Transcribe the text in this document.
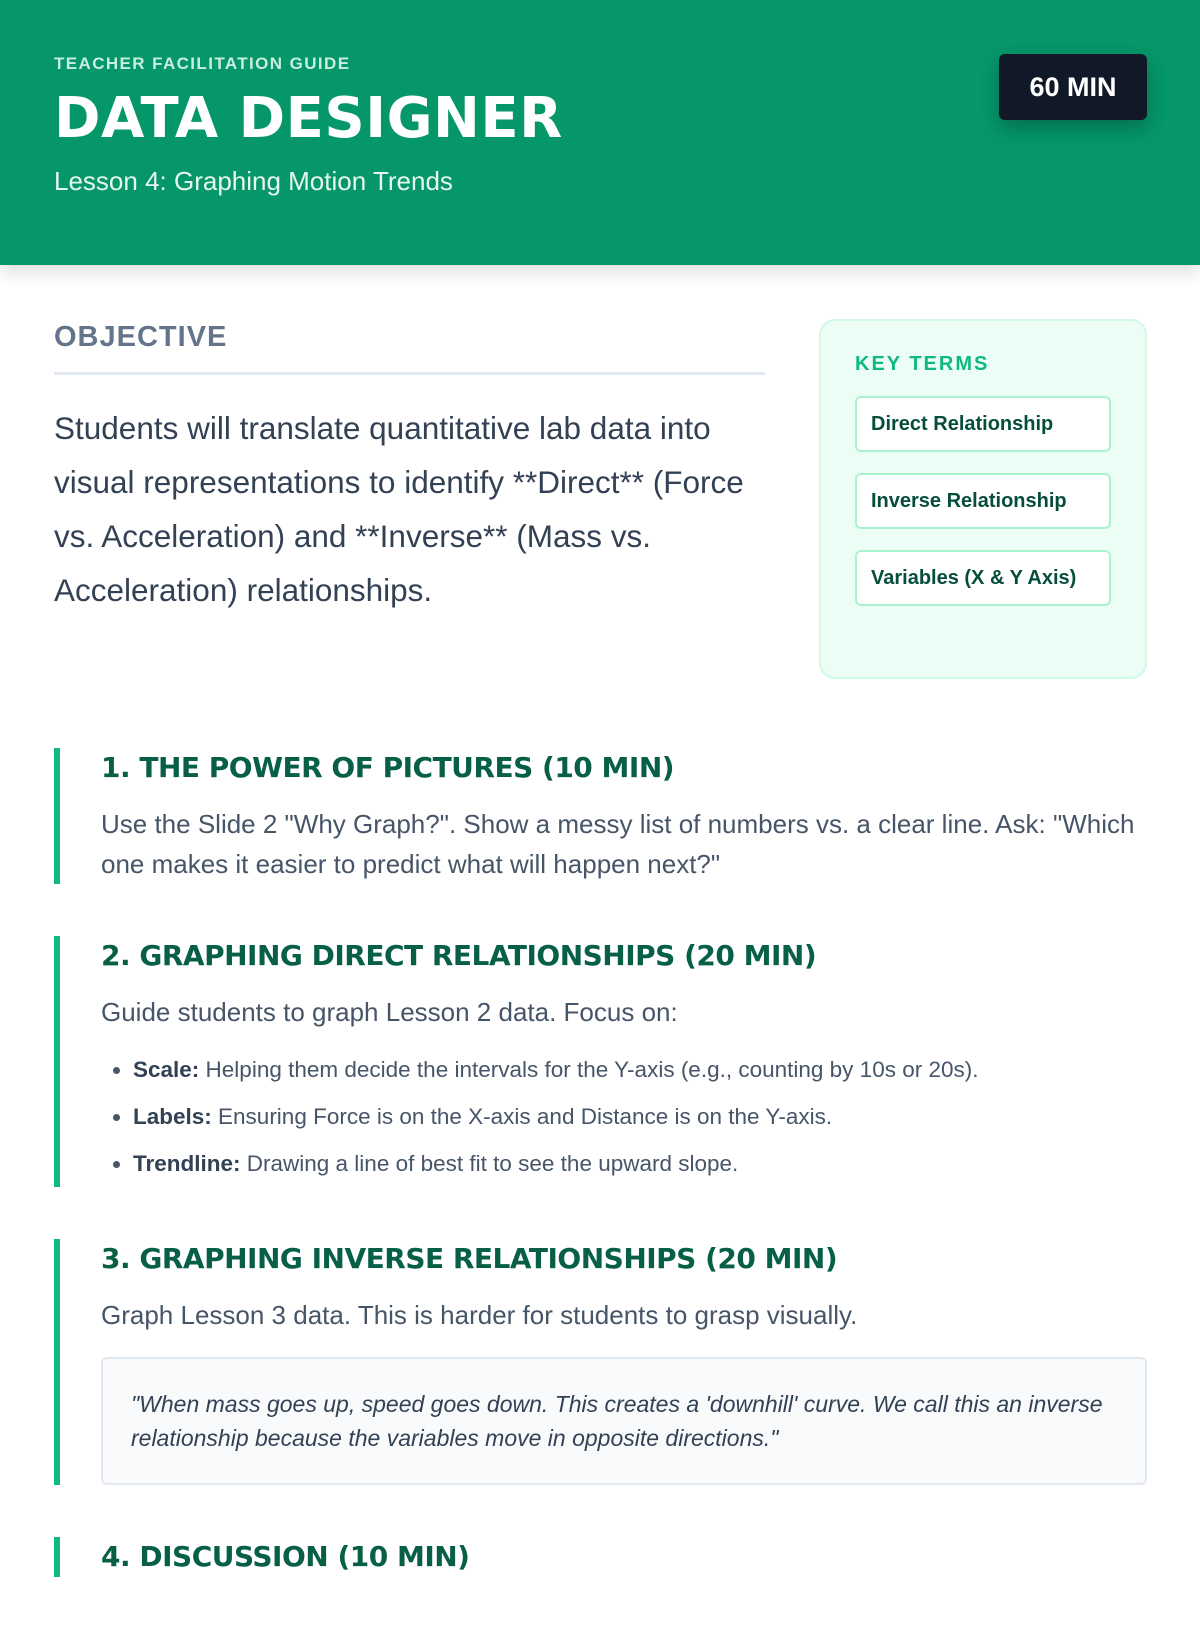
TEACHER FACILITATION GUIDE

DATA DESIGNER

Lesson 4: Graphing Motion Trends

60 MIN
OBJECTIVE

Students will translate quantitative lab data into visual representations to identify **Direct** (Force vs. Acceleration) and **Inverse** (Mass vs. Acceleration) relationships.

KEY TERMS
Direct Relationship
Inverse Relationship
Variables (X & Y Axis)
1. THE POWER OF PICTURES (10 MIN)

Use the Slide 2 "Why Graph?". Show a messy list of numbers vs. a clear line. Ask: "Which one makes it easier to predict what will happen next?"

2. GRAPHING DIRECT RELATIONSHIPS (20 MIN)

Guide students to graph Lesson 2 data. Focus on:

• Scale: Helping them decide the intervals for the Y-axis (e.g., counting by 10s or 20s).
• Labels: Ensuring Force is on the X-axis and Distance is on the Y-axis.
• Trendline: Drawing a line of best fit to see the upward slope.
3. GRAPHING INVERSE RELATIONSHIPS (20 MIN)

Graph Lesson 3 data. This is harder for students to grasp visually.

"When mass goes up, speed goes down. This creates a 'downhill' curve. We call this an inverse relationship because the variables move in opposite directions."
4. DISCUSSION (10 MIN)
